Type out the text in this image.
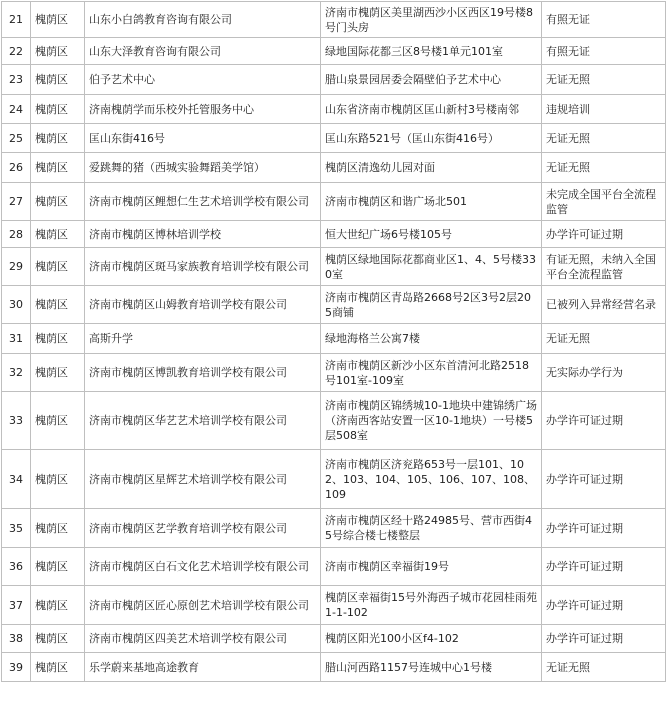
21	槐荫区	山东小白鸽教育咨询有限公司	济南市槐荫区美里湖西沙小区西区19号楼8号门头房	有照无证
22	槐荫区	山东大泽教育咨询有限公司	绿地国际花都三区8号楼1单元101室	有照无证
23	槐荫区	伯予艺术中心	腊山泉景园居委会隔壁伯予艺术中心	无证无照
24	槐荫区	济南槐荫学而乐校外托管服务中心	山东省济南市槐荫区匡山新村3号楼南邻	违规培训
25	槐荫区	匡山东街416号	匡山东路521号（匡山东街416号）	无证无照
26	槐荫区	爱跳舞的猪（西城实验舞蹈美学馆）	槐荫区清逸幼儿园对面	无证无照
27	槐荫区	济南市槐荫区鲤想仁生艺术培训学校有限公司	济南市槐荫区和谐广场北501	未完成全国平台全流程监管
28	槐荫区	济南市槐荫区博林培训学校	恒大世纪广场6号楼105号	办学许可证过期
29	槐荫区	济南市槐荫区斑马家族教育培训学校有限公司	槐荫区绿地国际花都商业区1、4、5号楼330室	有证无照，未纳入全国平台全流程监管
30	槐荫区	济南市槐荫区山姆教育培训学校有限公司	济南市槐荫区青岛路2668号2区3号2层205商铺	已被列入异常经营名录
31	槐荫区	高斯升学	绿地海格兰公寓7楼	无证无照
32	槐荫区	济南市槐荫区博凯教育培训学校有限公司	济南市槐荫区新沙小区东首清河北路2518号101室-109室	无实际办学行为
33	槐荫区	济南市槐荫区华艺艺术培训学校有限公司	济南市槐荫区锦绣城10-1地块中建锦绣广场（济南西客站安置一区10-1地块）一号楼5层508室	办学许可证过期
34	槐荫区	济南市槐荫区星辉艺术培训学校有限公司	济南市槐荫区济兖路653号一层101、102、103、104、105、106、107、108、109	办学许可证过期
35	槐荫区	济南市槐荫区艺学教育培训学校有限公司	济南市槐荫区经十路24985号、营市西街45号综合楼七楼整层	办学许可证过期
36	槐荫区	济南市槐荫区白石文化艺术培训学校有限公司	济南市槐荫区幸福街19号	办学许可证过期
37	槐荫区	济南市槐荫区匠心原创艺术培训学校有限公司	槐荫区幸福街15号外海西子城市花园桂雨苑1-1-102	办学许可证过期
38	槐荫区	济南市槐荫区四美艺术培训学校有限公司	槐荫区阳光100小区f4-102	办学许可证过期
39	槐荫区	乐学蔚来基地高途教育	腊山河西路1157号连城中心1号楼	无证无照
